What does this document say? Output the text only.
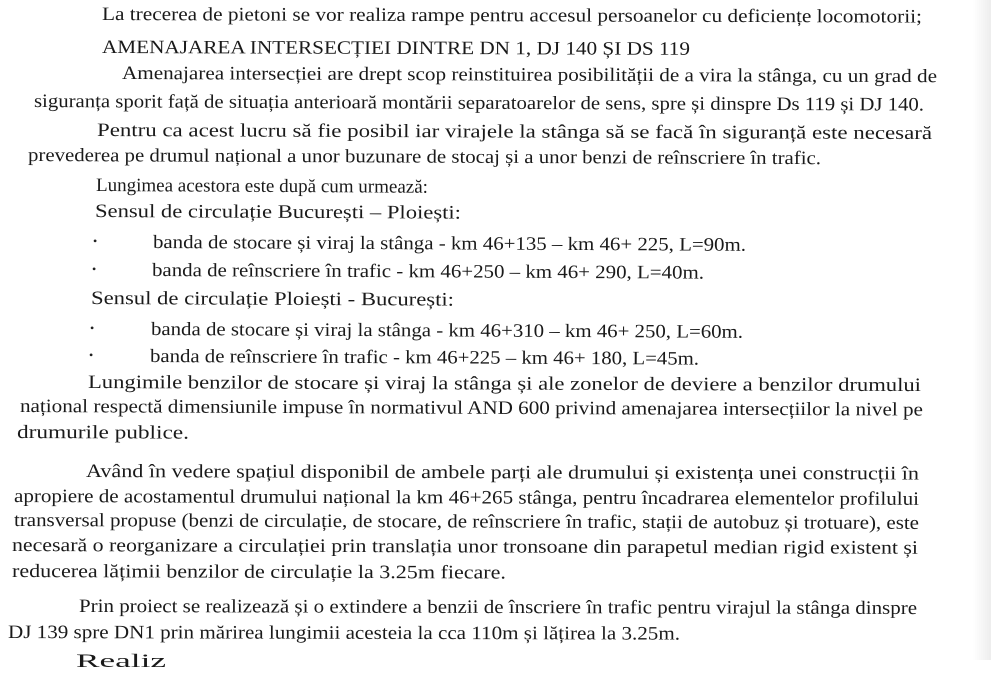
La trecerea de pietoni se vor realiza rampe pentru accesul persoanelor cu deficiențe locomotorii;
AMENAJAREA INTERSECȚIEI DINTRE DN 1, DJ 140 ȘI DS 119
Amenajarea intersecției are drept scop reinstituirea posibilității de a vira la stânga, cu un grad de
siguranța sporit față de situația anterioară montării separatoarelor de sens, spre și dinspre Ds 119 și DJ 140.
Pentru ca acest lucru să fie posibil iar virajele la stânga să se facă în siguranță este necesară
prevederea pe drumul național a unor buzunare de stocaj și a unor benzi de reînscriere în trafic.
Lungimea acestora este după cum urmează:
Sensul de circulație București – Ploiești:
•	banda de stocare și viraj la stânga - km 46+135 – km 46+ 225, L=90m.
•	banda de reînscriere în trafic - km 46+250 – km 46+ 290, L=40m.
Sensul de circulație Ploiești - București:
•	banda de stocare și viraj la stânga - km 46+310 – km 46+ 250, L=60m.
•	banda de reînscriere în trafic - km 46+225 – km 46+ 180, L=45m.
Lungimile benzilor de stocare și viraj la stânga și ale zonelor de deviere a benzilor drumului
național respectă dimensiunile impuse în normativul AND 600 privind amenajarea intersecțiilor la nivel pe
drumurile publice.
Având în vedere spațiul disponibil de ambele parți ale drumului și existența unei construcții în
apropiere de acostamentul drumului național la km 46+265 stânga, pentru încadrarea elementelor profilului
transversal propuse (benzi de circulație, de stocare, de reînscriere în trafic, stații de autobuz și trotuare), este
necesară o reorganizare a circulației prin translația unor tronsoane din parapetul median rigid existent și
reducerea lățimii benzilor de circulație la 3.25m fiecare.
Prin proiect se realizează și o extindere a benzii de înscriere în trafic pentru virajul la stânga dinspre
DJ 139 spre DN1 prin mărirea lungimii acesteia la cca 110m și lățirea la 3.25m.
Realiz
